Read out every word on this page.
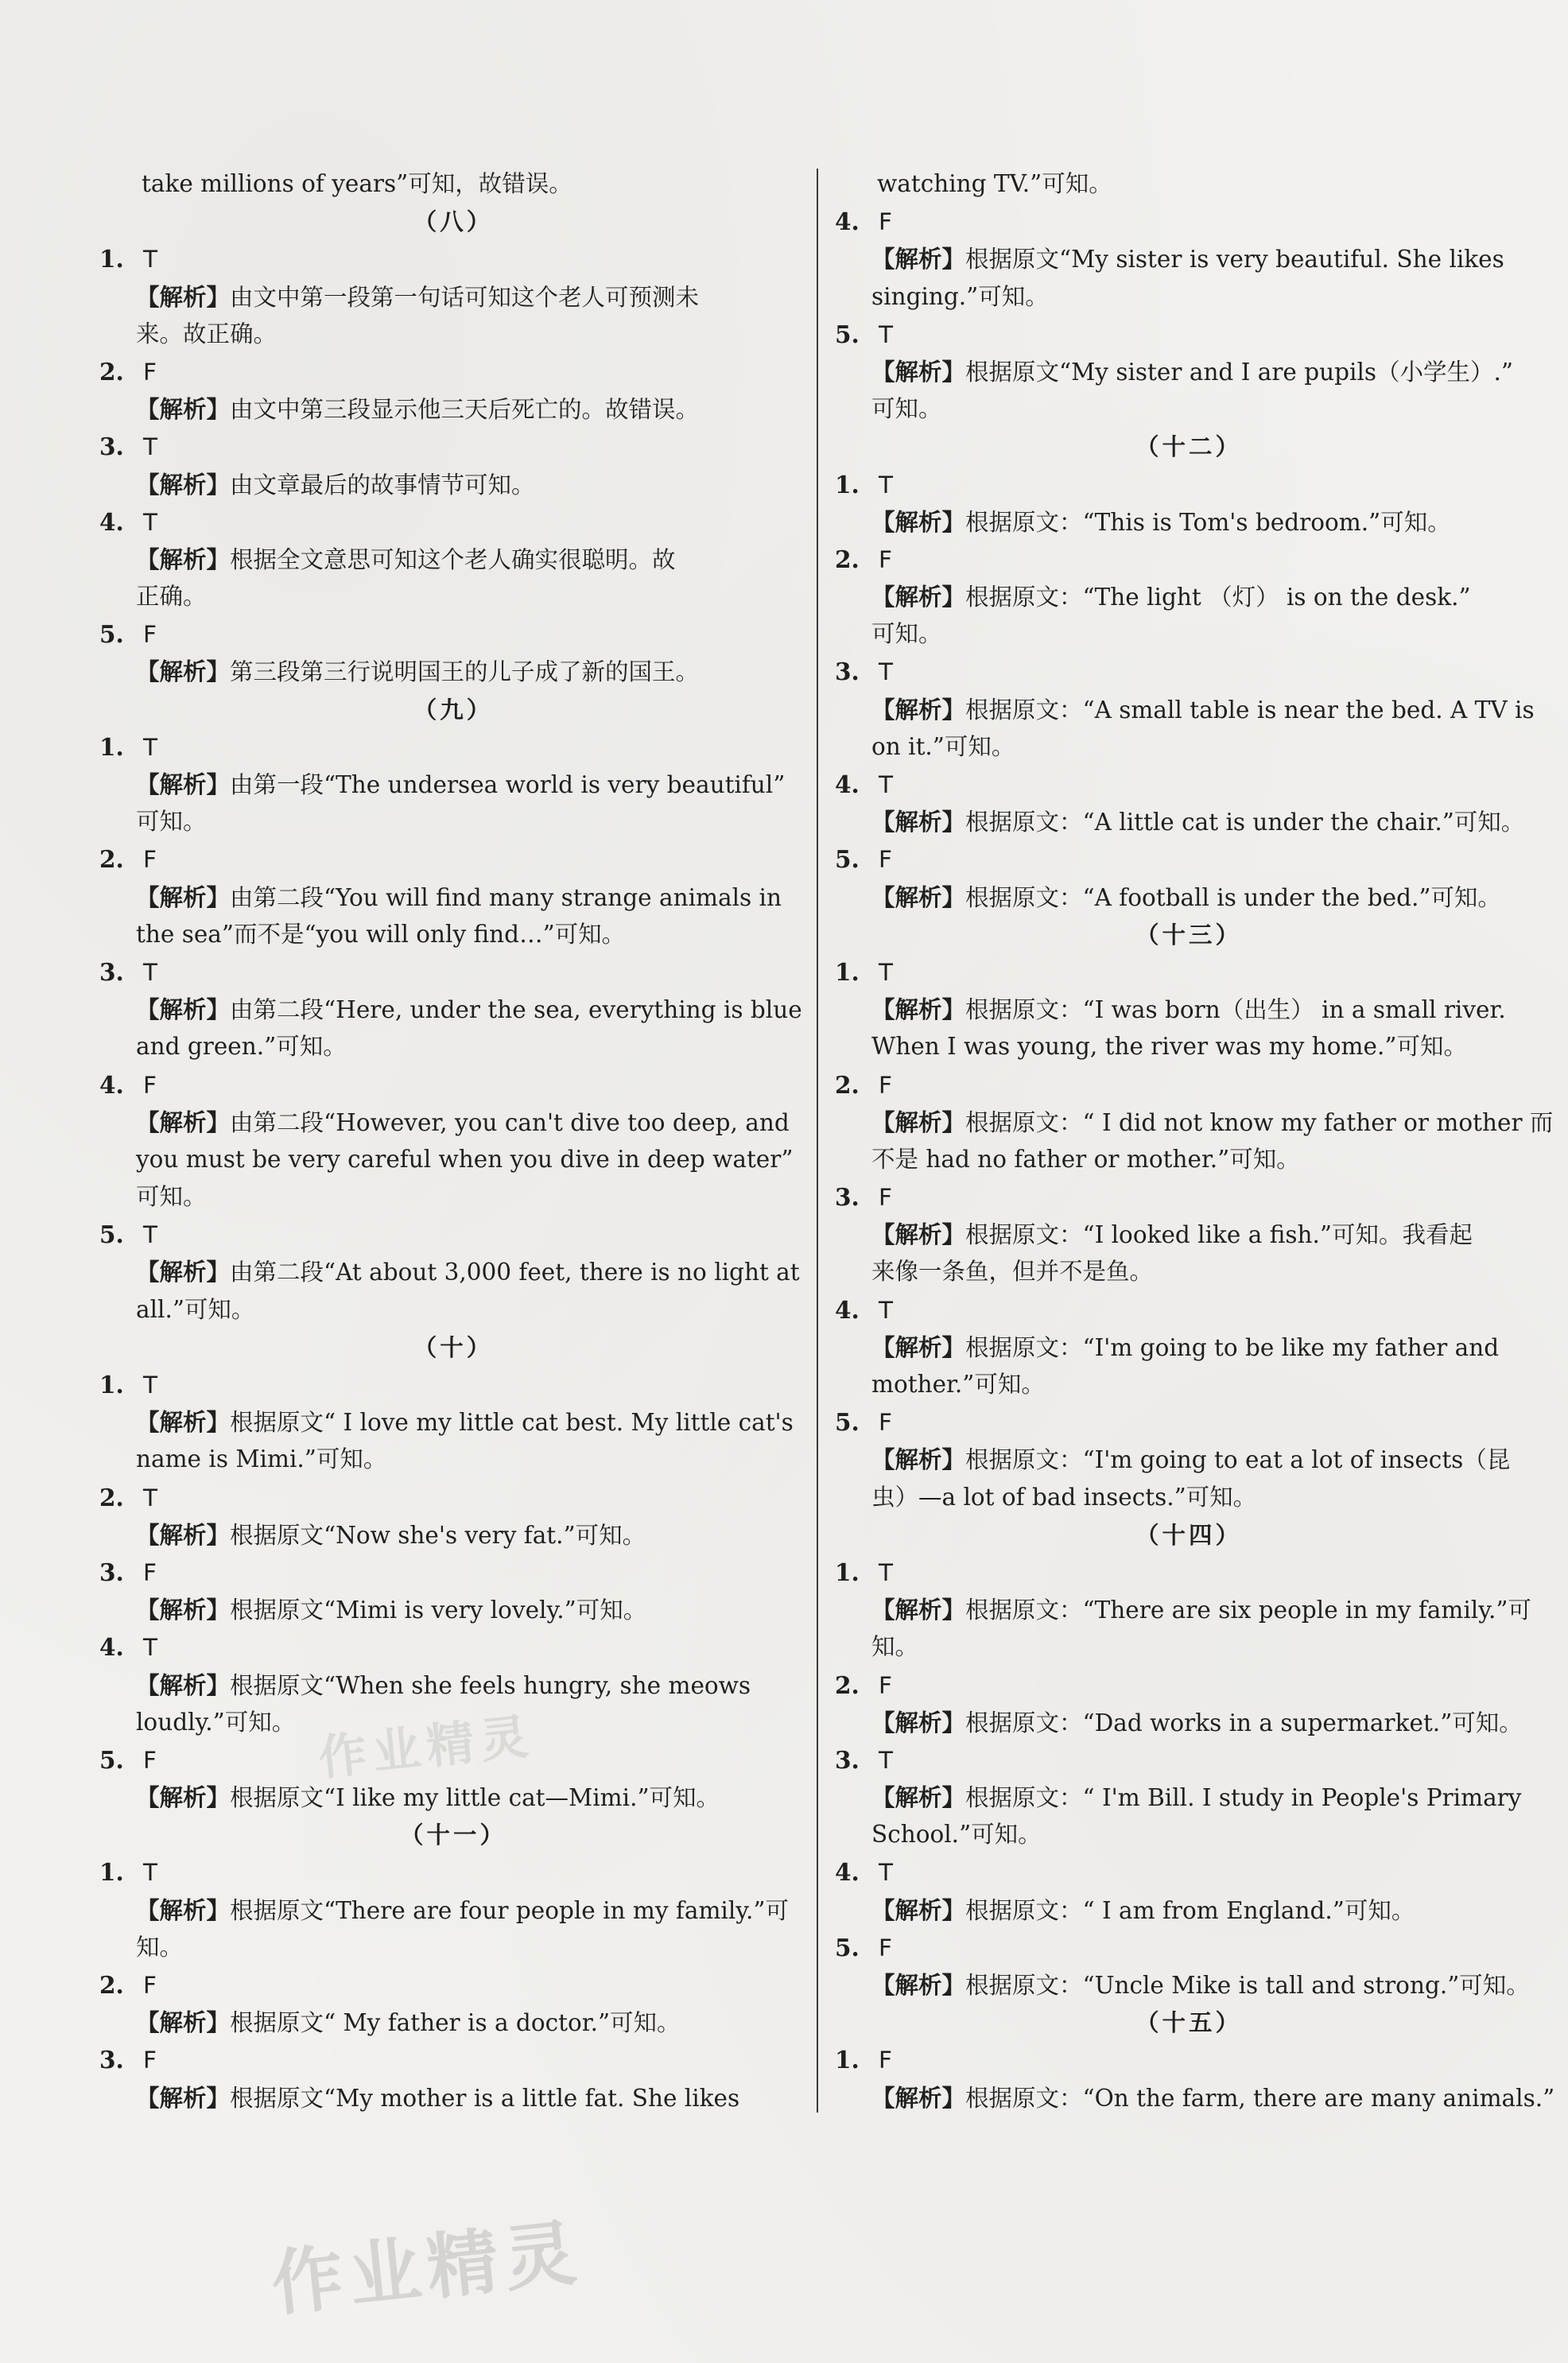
take millions of years”可知，故错误。
（八）
1. T
【解析】由文中第一段第一句话可知这个老人可预测未
来。故正确。
2. F
【解析】由文中第三段显示他三天后死亡的。故错误。
3. T
【解析】由文章最后的故事情节可知。
4. T
【解析】根据全文意思可知这个老人确实很聪明。故
正确。
5. F
【解析】第三段第三行说明国王的儿子成了新的国王。
（九）
1. T
【解析】由第一段“The undersea world is very beautiful”
可知。
2. F
【解析】由第二段“You will find many strange animals in
the sea”而不是“you will only find…”可知。
3. T
【解析】由第二段“Here, under the sea, everything is blue
and green.”可知。
4. F
【解析】由第二段“However, you can't dive too deep, and
you must be very careful when you dive in deep water”
可知。
5. T
【解析】由第二段“At about 3,000 feet, there is no light at
all.”可知。
（十）
1. T
【解析】根据原文“ I love my little cat best. My little cat's
name is Mimi.”可知。
2. T
【解析】根据原文“Now she's very fat.”可知。
3. F
【解析】根据原文“Mimi is very lovely.”可知。
4. T
【解析】根据原文“When she feels hungry, she meows
loudly.”可知。
5. F
【解析】根据原文“I like my little cat—Mimi.”可知。
（十一）
1. T
【解析】根据原文“There are four people in my family.”可
知。
2. F
【解析】根据原文“ My father is a doctor.”可知。
3. F
【解析】根据原文“My mother is a little fat. She likes
watching TV.”可知。
4. F
【解析】根据原文“My sister is very beautiful. She likes
singing.”可知。
5. T
【解析】根据原文“My sister and I are pupils（小学生）.”
可知。
（十二）
1. T
【解析】根据原文：“This is Tom's bedroom.”可知。
2. F
【解析】根据原文：“The light （灯） is on the desk.”
可知。
3. T
【解析】根据原文：“A small table is near the bed. A TV is
on it.”可知。
4. T
【解析】根据原文：“A little cat is under the chair.”可知。
5. F
【解析】根据原文：“A football is under the bed.”可知。
（十三）
1. T
【解析】根据原文：“I was born（出生） in a small river.
When I was young, the river was my home.”可知。
2. F
【解析】根据原文：“ I did not know my father or mother 而
不是 had no father or mother.”可知。
3. F
【解析】根据原文：“I looked like a fish.”可知。我看起
来像一条鱼，但并不是鱼。
4. T
【解析】根据原文：“I'm going to be like my father and
mother.”可知。
5. F
【解析】根据原文：“I'm going to eat a lot of insects（昆
虫）—a lot of bad insects.”可知。
（十四）
1. T
【解析】根据原文：“There are six people in my family.”可
知。
2. F
【解析】根据原文：“Dad works in a supermarket.”可知。
3. T
【解析】根据原文：“ I'm Bill. I study in People's Primary
School.”可知。
4. T
【解析】根据原文：“ I am from England.”可知。
5. F
【解析】根据原文：“Uncle Mike is tall and strong.”可知。
（十五）
1. F
【解析】根据原文：“On the farm, there are many animals.”
作业精灵
作业精灵
